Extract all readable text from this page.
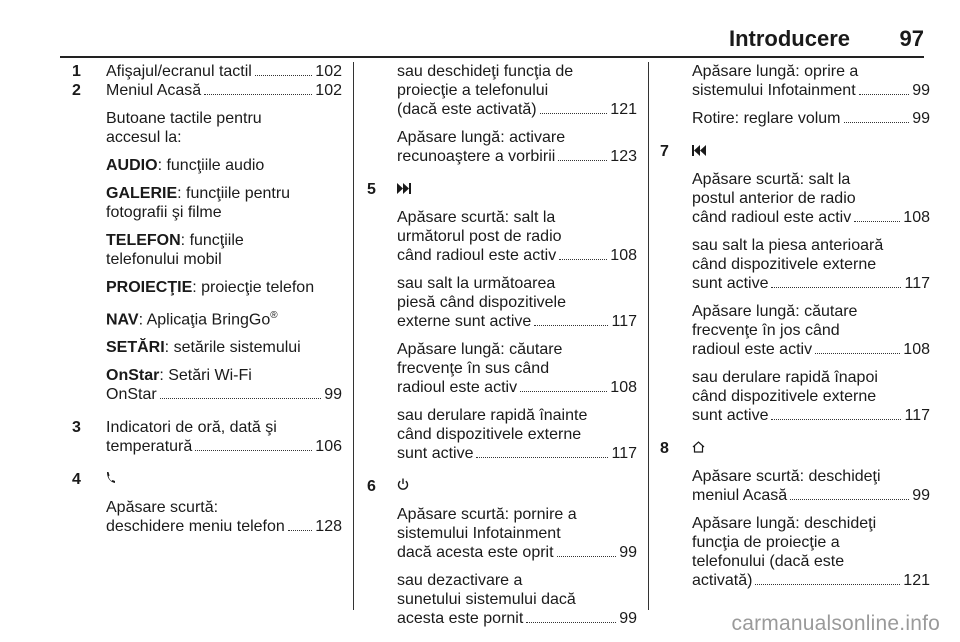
Introducere 97
1 Afişajul/ecranul tactil	102
2 Meniul Acasă	102
Butoane tactile pentru
accesul la:
AUDIO: funcţiile audio
GALERIE: funcţiile pentru
fotografii şi filme
TELEFON: funcţiile
telefonului mobil
PROIECŢIE: proiecţie telefon
NAV: Aplicaţia BringGo®
SETĂRI: setările sistemului
OnStar: Setări Wi-Fi
OnStar	99
3 Indicatori de oră, dată şi
temperatură	106
4
Apăsare scurtă:
deschidere meniu telefon 128
sau deschideţi funcţia de
proiecţie a telefonului
(dacă este activată)	121
Apăsare lungă: activare
recunoaştere a vorbirii	123
5
Apăsare scurtă: salt la
următorul post de radio
când radioul este activ	108
sau salt la următoarea
piesă când dispozitivele
externe sunt active	117
Apăsare lungă: căutare
frecvenţe în sus când
radioul este activ	108
sau derulare rapidă înainte
când dispozitivele externe
sunt active	117
6
Apăsare scurtă: pornire a
sistemului Infotainment
dacă acesta este oprit	99
sau dezactivare a
sunetului sistemului dacă
acesta este pornit	99
Apăsare lungă: oprire a
sistemului Infotainment	99
Rotire: reglare volum	99
7
Apăsare scurtă: salt la
postul anterior de radio
când radioul este activ	108
sau salt la piesa anterioară
când dispozitivele externe
sunt active	117
Apăsare lungă: căutare
frecvenţe în jos când
radioul este activ	108
sau derulare rapidă înapoi
când dispozitivele externe
sunt active	117
8
Apăsare scurtă: deschideţi
meniul Acasă	99
Apăsare lungă: deschideţi
funcţia de proiecţie a
telefonului (dacă este
activată)	121
carmanualsonline.info
